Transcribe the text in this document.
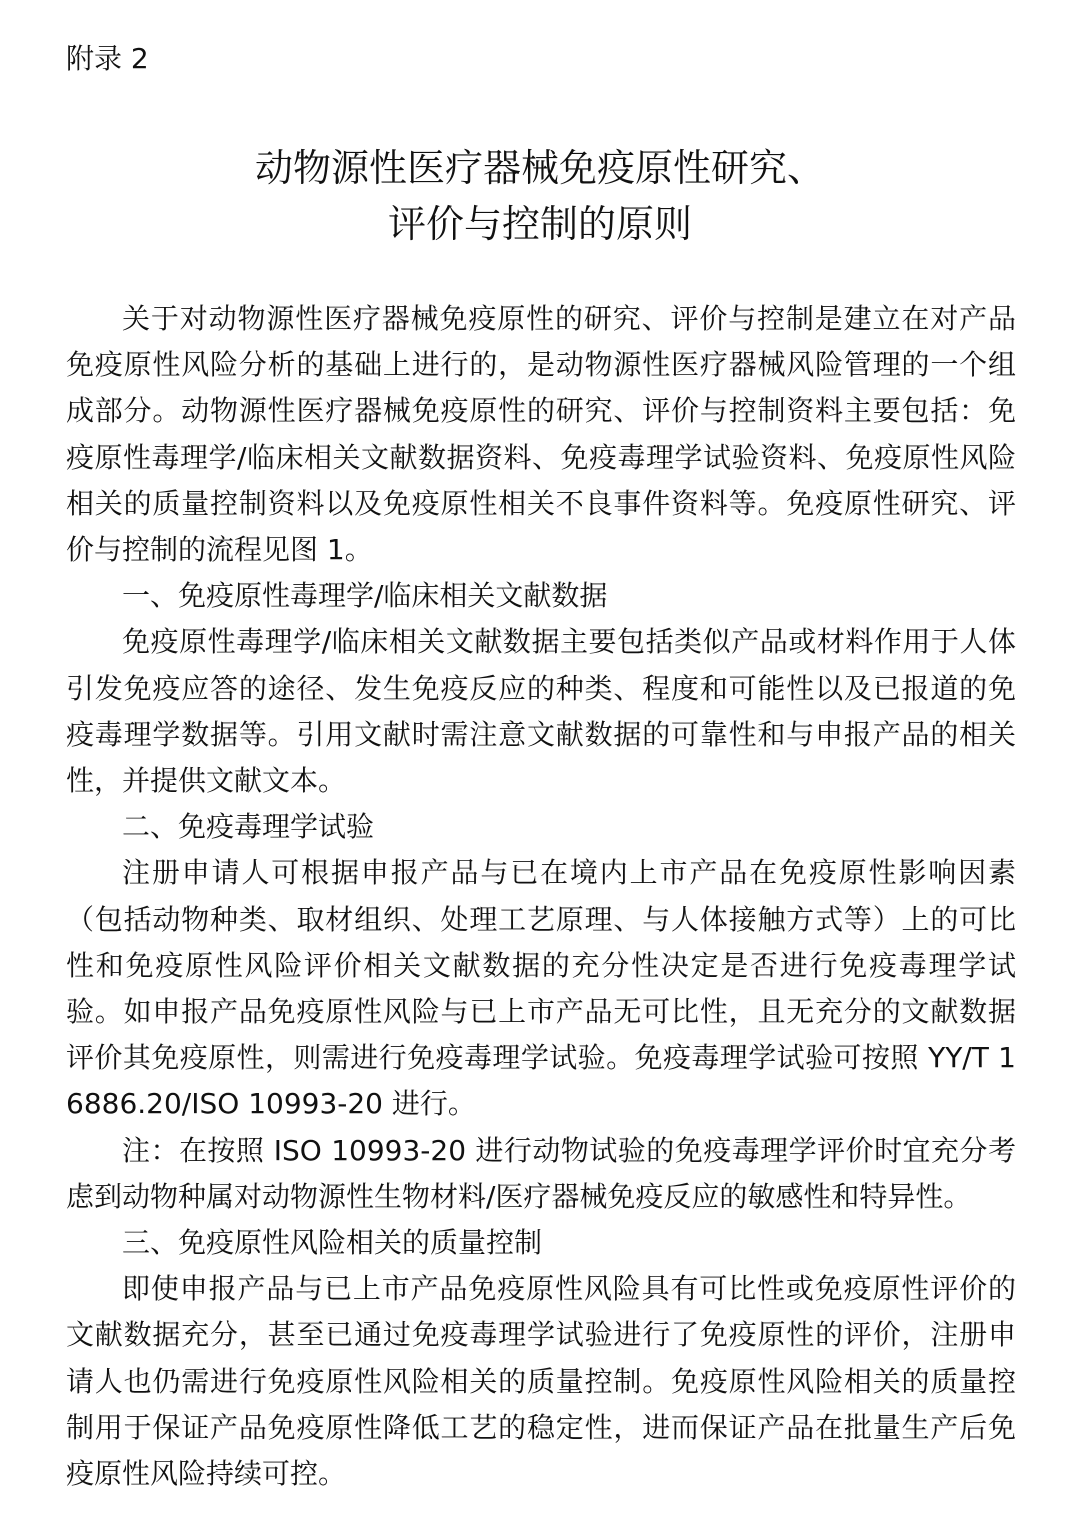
附录 2

动物源性医疗器械免疫原性研究、
评价与控制的原则

关于对动物源性医疗器械免疫原性的研究、评价与控制是建立在对产品免疫原性风险分析的基础上进行的，是动物源性医疗器械风险管理的一个组成部分。动物源性医疗器械免疫原性的研究、评价与控制资料主要包括：免疫原性毒理学/临床相关文献数据资料、免疫毒理学试验资料、免疫原性风险相关的质量控制资料以及免疫原性相关不良事件资料等。免疫原性研究、评价与控制的流程见图 1。

一、免疫原性毒理学/临床相关文献数据

免疫原性毒理学/临床相关文献数据主要包括类似产品或材料作用于人体引发免疫应答的途径、发生免疫反应的种类、程度和可能性以及已报道的免疫毒理学数据等。引用文献时需注意文献数据的可靠性和与申报产品的相关性，并提供文献文本。

二、免疫毒理学试验

注册申请人可根据申报产品与已在境内上市产品在免疫原性影响因素（包括动物种类、取材组织、处理工艺原理、与人体接触方式等）上的可比性和免疫原性风险评价相关文献数据的充分性决定是否进行免疫毒理学试验。如申报产品免疫原性风险与已上市产品无可比性，且无充分的文献数据评价其免疫原性，则需进行免疫毒理学试验。免疫毒理学试验可按照 YY/T 16886.20/ISO 10993-20 进行。

注：在按照 ISO 10993-20 进行动物试验的免疫毒理学评价时宜充分考虑到动物种属对动物源性生物材料/医疗器械免疫反应的敏感性和特异性。

三、免疫原性风险相关的质量控制

即使申报产品与已上市产品免疫原性风险具有可比性或免疫原性评价的文献数据充分，甚至已通过免疫毒理学试验进行了免疫原性的评价，注册申请人也仍需进行免疫原性风险相关的质量控制。免疫原性风险相关的质量控制用于保证产品免疫原性降低工艺的稳定性，进而保证产品在批量生产后免疫原性风险持续可控。
